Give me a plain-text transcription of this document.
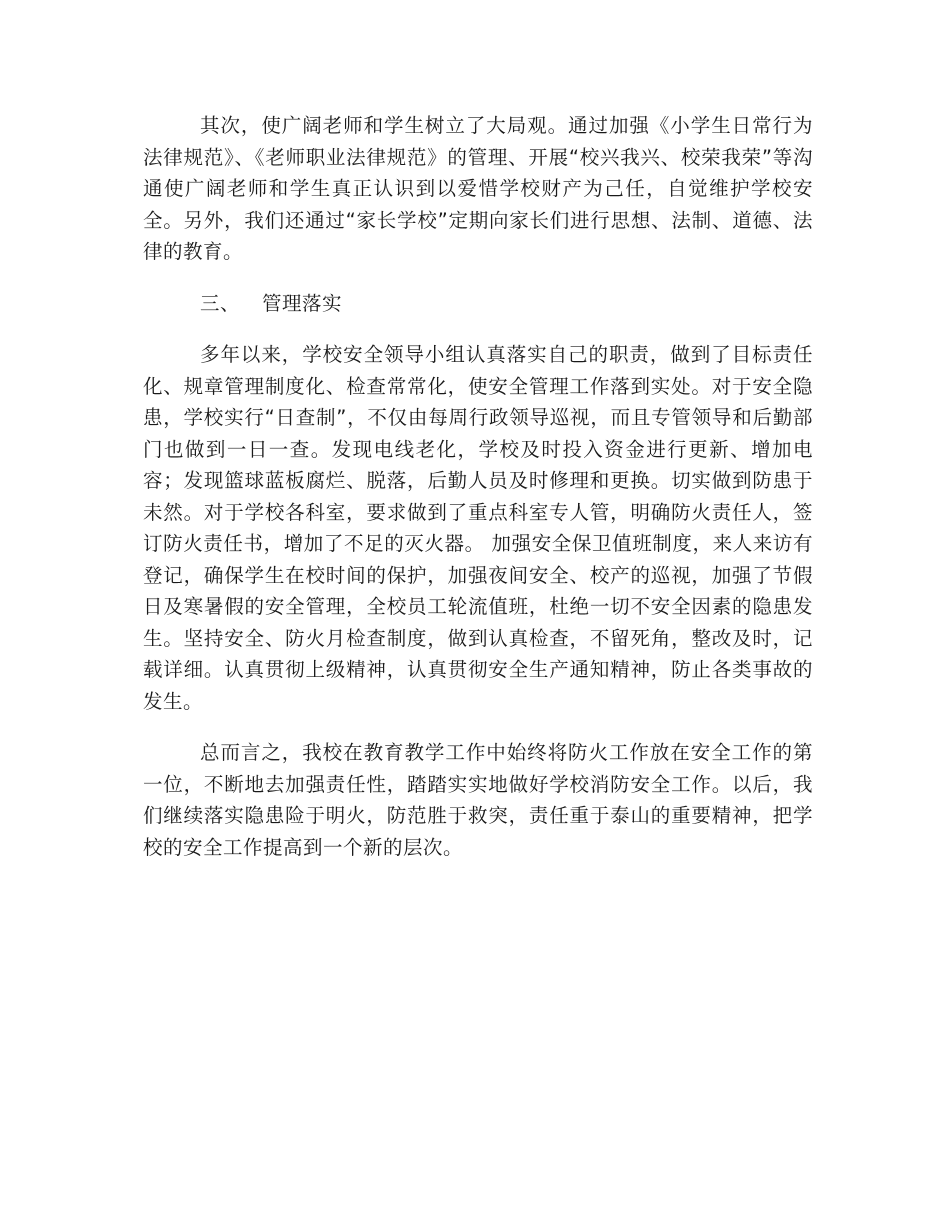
其次，使广阔老师和学生树立了大局观。通过加强《小学生日常行为法律规范》、《老师职业法律规范》的管理、开展“校兴我兴、校荣我荣”等沟通使广阔老师和学生真正认识到以爱惜学校财产为己任，自觉维护学校安全。另外，我们还通过“家长学校”定期向家长们进行思想、法制、道德、法律的教育。

三、 管理落实

多年以来，学校安全领导小组认真落实自己的职责，做到了目标责任化、规章管理制度化、检查常常化，使安全管理工作落到实处。对于安全隐患，学校实行“日查制”，不仅由每周行政领导巡视，而且专管领导和后勤部门也做到一日一查。发现电线老化，学校及时投入资金进行更新、增加电容；发现篮球蓝板腐烂、脱落，后勤人员及时修理和更换。切实做到防患于未然。对于学校各科室，要求做到了重点科室专人管，明确防火责任人，签订防火责任书，增加了不足的灭火器。 加强安全保卫值班制度，来人来访有登记，确保学生在校时间的保护，加强夜间安全、校产的巡视，加强了节假日及寒暑假的安全管理，全校员工轮流值班，杜绝一切不安全因素的隐患发生。坚持安全、防火月检查制度，做到认真检查，不留死角，整改及时，记载详细。认真贯彻上级精神，认真贯彻安全生产通知精神，防止各类事故的发生。

总而言之，我校在教育教学工作中始终将防火工作放在安全工作的第一位，不断地去加强责任性，踏踏实实地做好学校消防安全工作。以后，我们继续落实隐患险于明火，防范胜于救突，责任重于泰山的重要精神，把学校的安全工作提高到一个新的层次。
